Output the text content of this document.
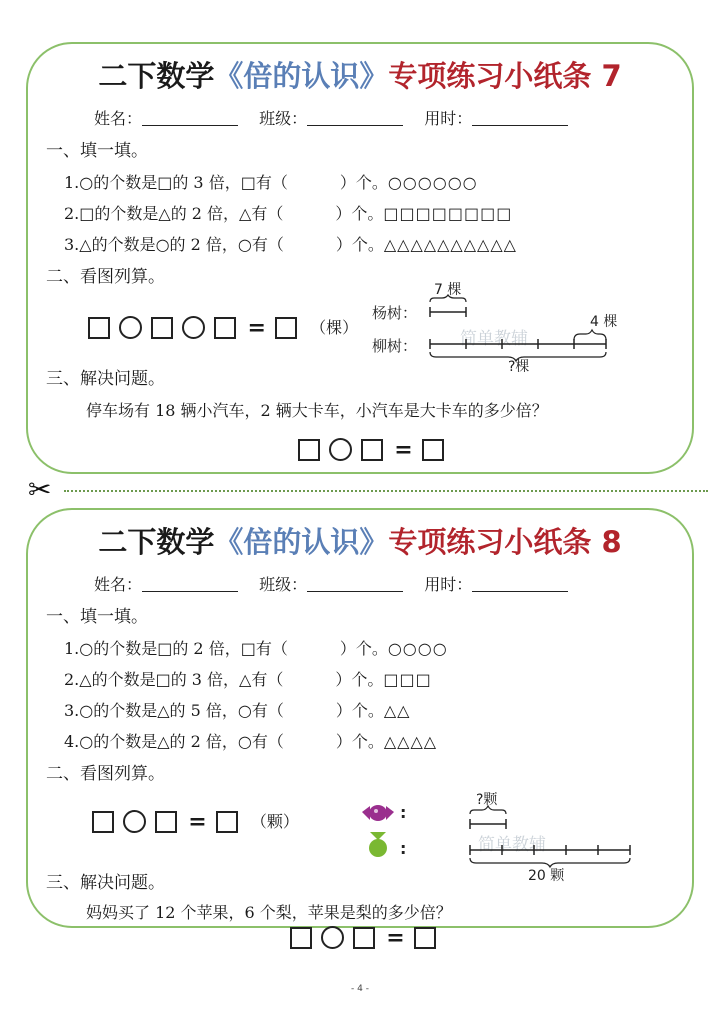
二下数学《倍的认识》专项练习小纸条 7
姓名：	班级：	用时：
一、填一填。
1.○的个数是□的 3 倍，□有（	）个。○○○○○○
2.□的个数是△的 2 倍，△有（	）个。□□□□□□□□
3.△的个数是○的 2 倍，○有（	）个。△△△△△△△△△△
二、看图列算。
=	（棵）
杨树：
柳树：
7 棵
简单教辅
4 棵
?棵
三、解决问题。
停车场有 18 辆小汽车，2 辆大卡车，小汽车是大卡车的多少倍？
=
✂
二下数学《倍的认识》专项练习小纸条 8
姓名：	班级：	用时：
一、填一填。
1.○的个数是□的 2 倍，□有（	）个。○○○○
2.△的个数是□的 3 倍，△有（	）个。□□□
3.○的个数是△的 5 倍，○有（	）个。△△
4.○的个数是△的 2 倍，○有（	）个。△△△△
二、看图列算。
=	（颗）	:
:
?颗
简单教辅
20 颗
三、解决问题。
妈妈买了 12 个苹果，6 个梨，苹果是梨的多少倍？
=
- 4 -
